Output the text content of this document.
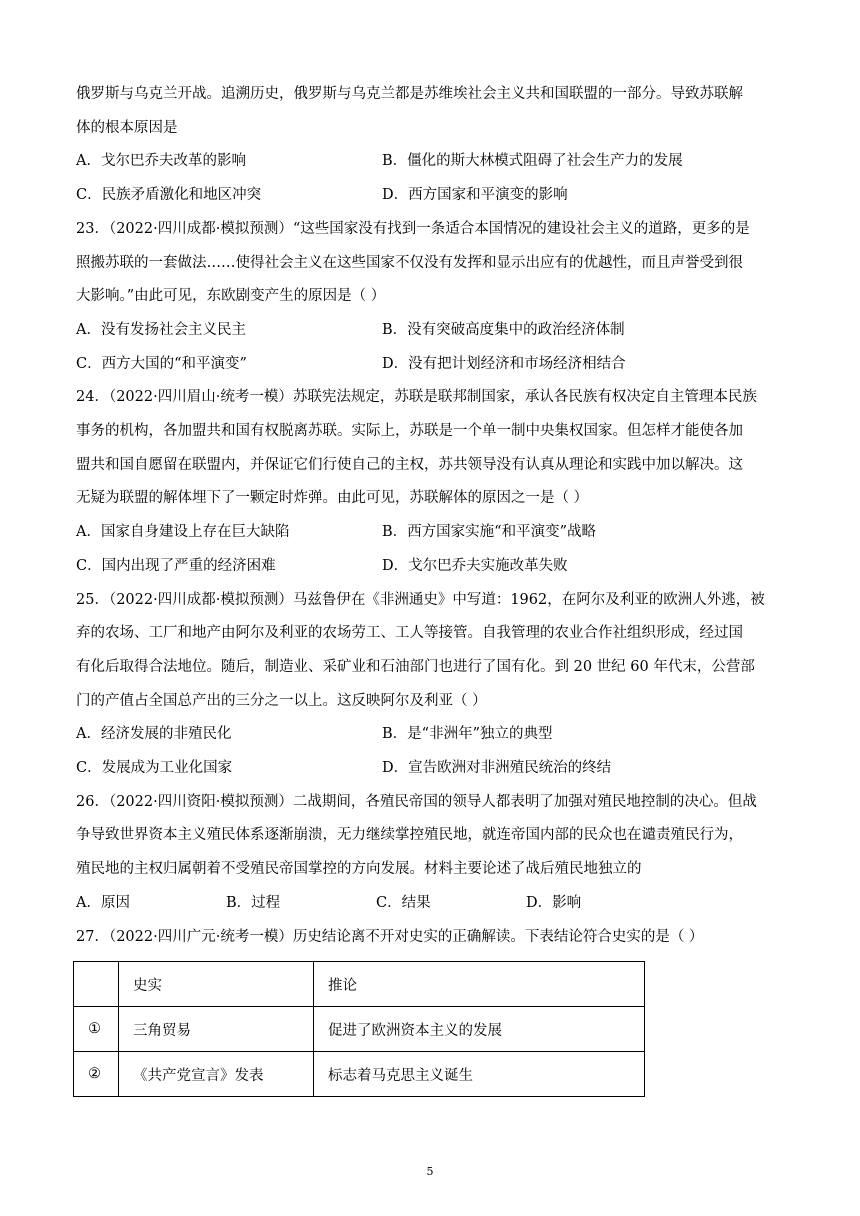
俄罗斯与乌克兰开战。追溯历史，俄罗斯与乌克兰都是苏维埃社会主义共和国联盟的一部分。导致苏联解

体的根本原因是

A．戈尔巴乔夫改革的影响	B．僵化的斯大林模式阻碍了社会生产力的发展
C．民族矛盾激化和地区冲突	D．西方国家和平演变的影响

23．（2022·四川成都·模拟预测）“这些国家没有找到一条适合本国情况的建设社会主义的道路，更多的是

照搬苏联的一套做法……使得社会主义在这些国家不仅没有发挥和显示出应有的优越性，而且声誉受到很

大影响。”由此可见，东欧剧变产生的原因是（ ）

A．没有发扬社会主义民主	B．没有突破高度集中的政治经济体制
C．西方大国的“和平演变”	D．没有把计划经济和市场经济相结合

24．（2022·四川眉山·统考一模）苏联宪法规定，苏联是联邦制国家，承认各民族有权决定自主管理本民族

事务的机构，各加盟共和国有权脱离苏联。实际上，苏联是一个单一制中央集权国家。但怎样才能使各加

盟共和国自愿留在联盟内，并保证它们行使自己的主权，苏共领导没有认真从理论和实践中加以解决。这

无疑为联盟的解体埋下了一颗定时炸弹。由此可见，苏联解体的原因之一是（ ）

A．国家自身建设上存在巨大缺陷	B．西方国家实施“和平演变”战略
C．国内出现了严重的经济困难	D．戈尔巴乔夫实施改革失败

25．（2022·四川成都·模拟预测）马兹鲁伊在《非洲通史》中写道：1962，在阿尔及利亚的欧洲人外逃，被

弃的农场、工厂和地产由阿尔及利亚的农场劳工、工人等接管。自我管理的农业合作社组织形成，经过国

有化后取得合法地位。随后，制造业、采矿业和石油部门也进行了国有化。到 20 世纪 60 年代末，公营部

门的产值占全国总产出的三分之一以上。这反映阿尔及利亚（ ）

A．经济发展的非殖民化	B．是“非洲年”独立的典型
C．发展成为工业化国家	D．宣告欧洲对非洲殖民统治的终结

26．（2022·四川资阳·模拟预测）二战期间，各殖民帝国的领导人都表明了加强对殖民地控制的决心。但战

争导致世界资本主义殖民体系逐渐崩溃，无力继续掌控殖民地，就连帝国内部的民众也在谴责殖民行为，

殖民地的主权归属朝着不受殖民帝国掌控的方向发展。材料主要论述了战后殖民地独立的

A．原因	B．过程	C．结果	D．影响

27．（2022·四川广元·统考一模）历史结论离不开对史实的正确解读。下表结论符合史实的是（ ）

	史实	推论
①	三角贸易	促进了欧洲资本主义的发展
②	《共产党宣言》发表	标志着马克思主义诞生
5
